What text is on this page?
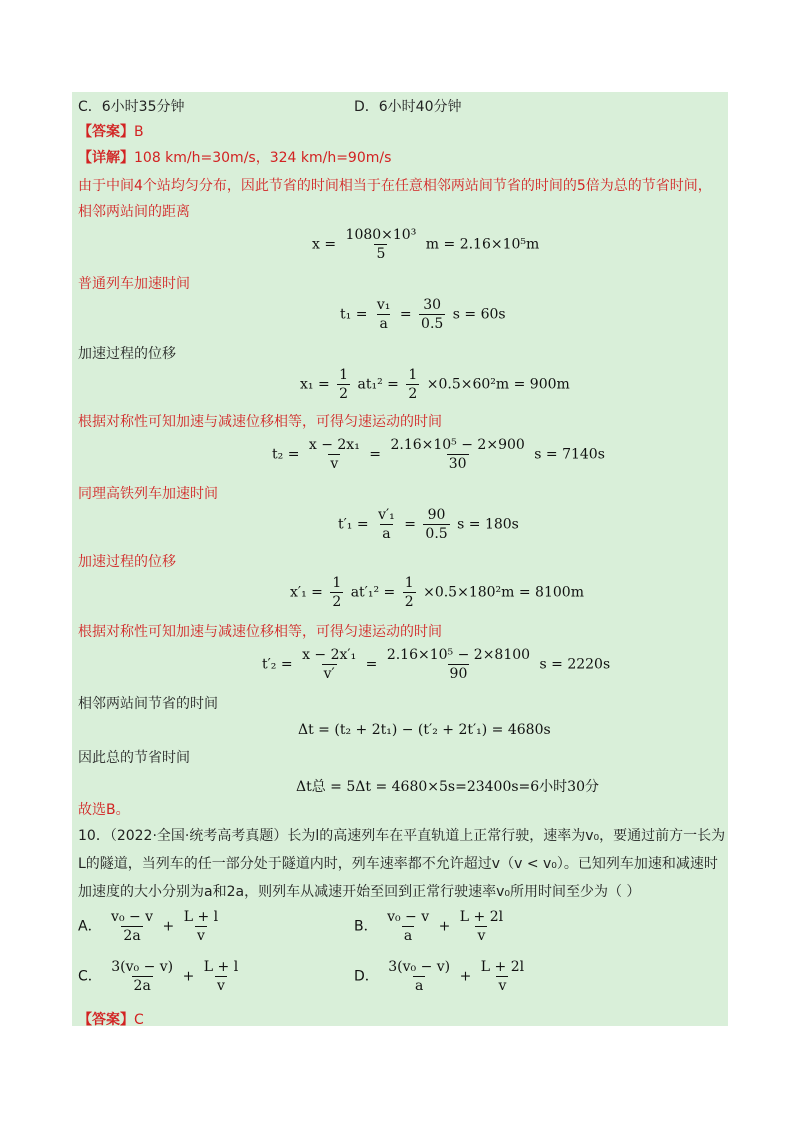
C．6小时35分钟	D．6小时40分钟
【答案】B
【详解】108 km/h=30m/s，324 km/h=90m/s
由于中间4个站均匀分布，因此节省的时间相当于在任意相邻两站间节省的时间的5倍为总的节省时间，
相邻两站间的距离
$x = \frac{\text{1080×10³}}{5}$ m = 2.16×10⁵m
普通列车加速时间
$t_1 = \frac{\text{v₁}}{a} = \frac{30}{0.5}$ s = 60s
加速过程的位移
$x_1 = \frac{1}{2} at_1^2 = \frac{1}{2} \times 0.5\times 60^2m = 900m$
根据对称性可知加速与减速位移相等，可得匀速运动的时间
$t_2 = \frac{\text{x − 2x₁}}{v} = \frac{\text{2.16×10⁵ − 2×900}}{30}$ s = 7140s
同理高铁列车加速时间
$t'_1 = \frac{\text{v′₁}}{a} = \frac{90}{0.5}$ s = 180s
加速过程的位移
$x'_1 = \frac{1}{2} at'_1^2 = \frac{1}{2} \times 0.5\times 180^2m = 8100m$
根据对称性可知加速与减速位移相等，可得匀速运动的时间
$t'_2 = \frac{\text{x − 2x′₁}}{v'} = \frac{\text{2.16×10⁵ − 2×8100}}{90}$ s = 2220s
相邻两站间节省的时间
Δt = (t₂ + 2t₁) − (t′₂ + 2t′₁) = 4680s
因此总的节省时间
Δt总 = 5Δt = 4680×5s=23400s=6小时30分
故选B。
10．（2022·全国·统考高考真题）长为l的高速列车在平直轨道上正常行驶，速率为v₀，要通过前方一长为
L的隧道，当列车的任一部分处于隧道内时，列车速率都不允许超过v（v < v₀）。已知列车加速和减速时
加速度的大小分别为a和2a，则列车从减速开始至回到正常行驶速率v₀所用时间至少为（ ）
A． $\frac{\text{v₀ − v}}{2a} + \frac{L + l}{v}$	B． $\frac{\text{v₀ − v}}{a} + \frac{L + 2l}{v}$
C． $\frac{\text{3(v₀ − v)}}{2a} + \frac{L + l}{v}$	D． $\frac{\text{3(v₀ − v)}}{a} + \frac{L + 2l}{v}$
【答案】C
